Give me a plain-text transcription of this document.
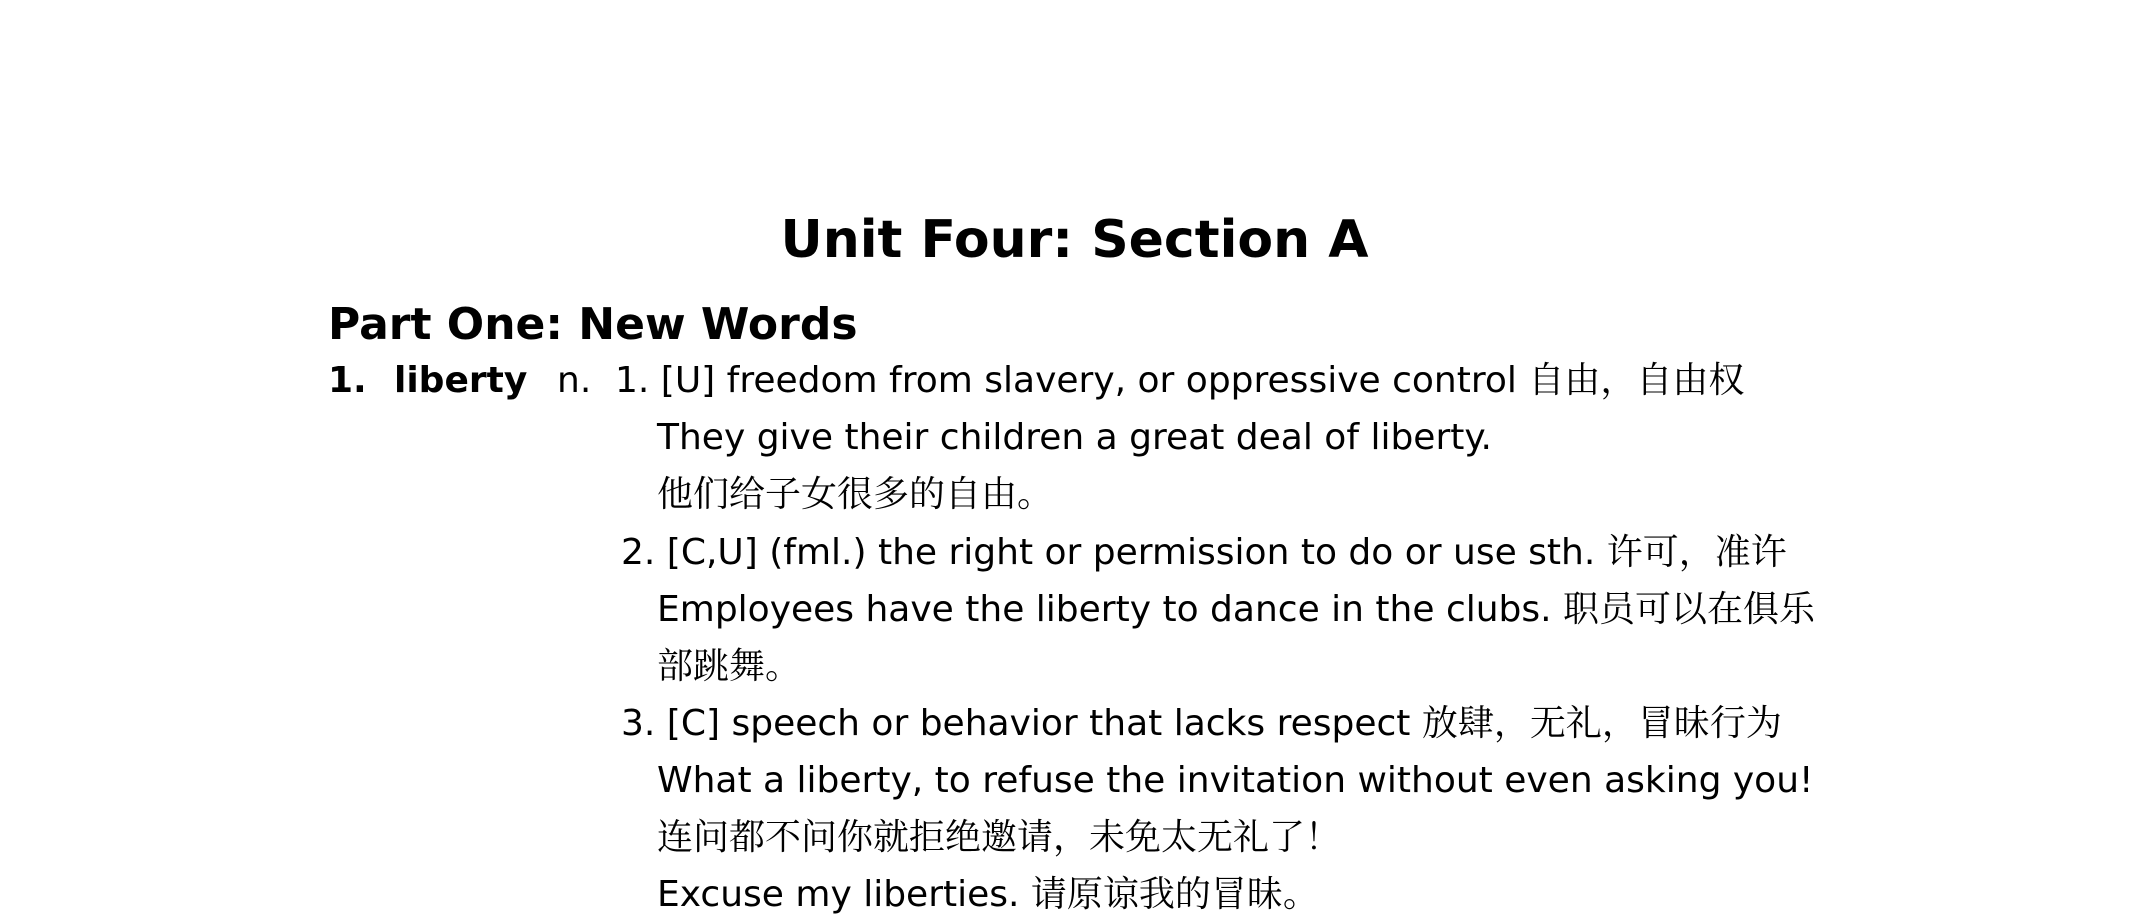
Unit Four: Section A
Part One: New Words
1. liberty n. 1. [U] freedom from slavery, or oppressive control 自由，自由权

They give their children a great deal of liberty.

他们给子女很多的自由。

2. [C,U] (fml.) the right or permission to do or use sth. 许可，准许

Employees have the liberty to dance in the clubs. 职员可以在俱乐

部跳舞。

3. [C] speech or behavior that lacks respect 放肆，无礼，冒昧行为

What a liberty, to refuse the invitation without even asking you!

连问都不问你就拒绝邀请，未免太无礼了！

Excuse my liberties. 请原谅我的冒昧。
